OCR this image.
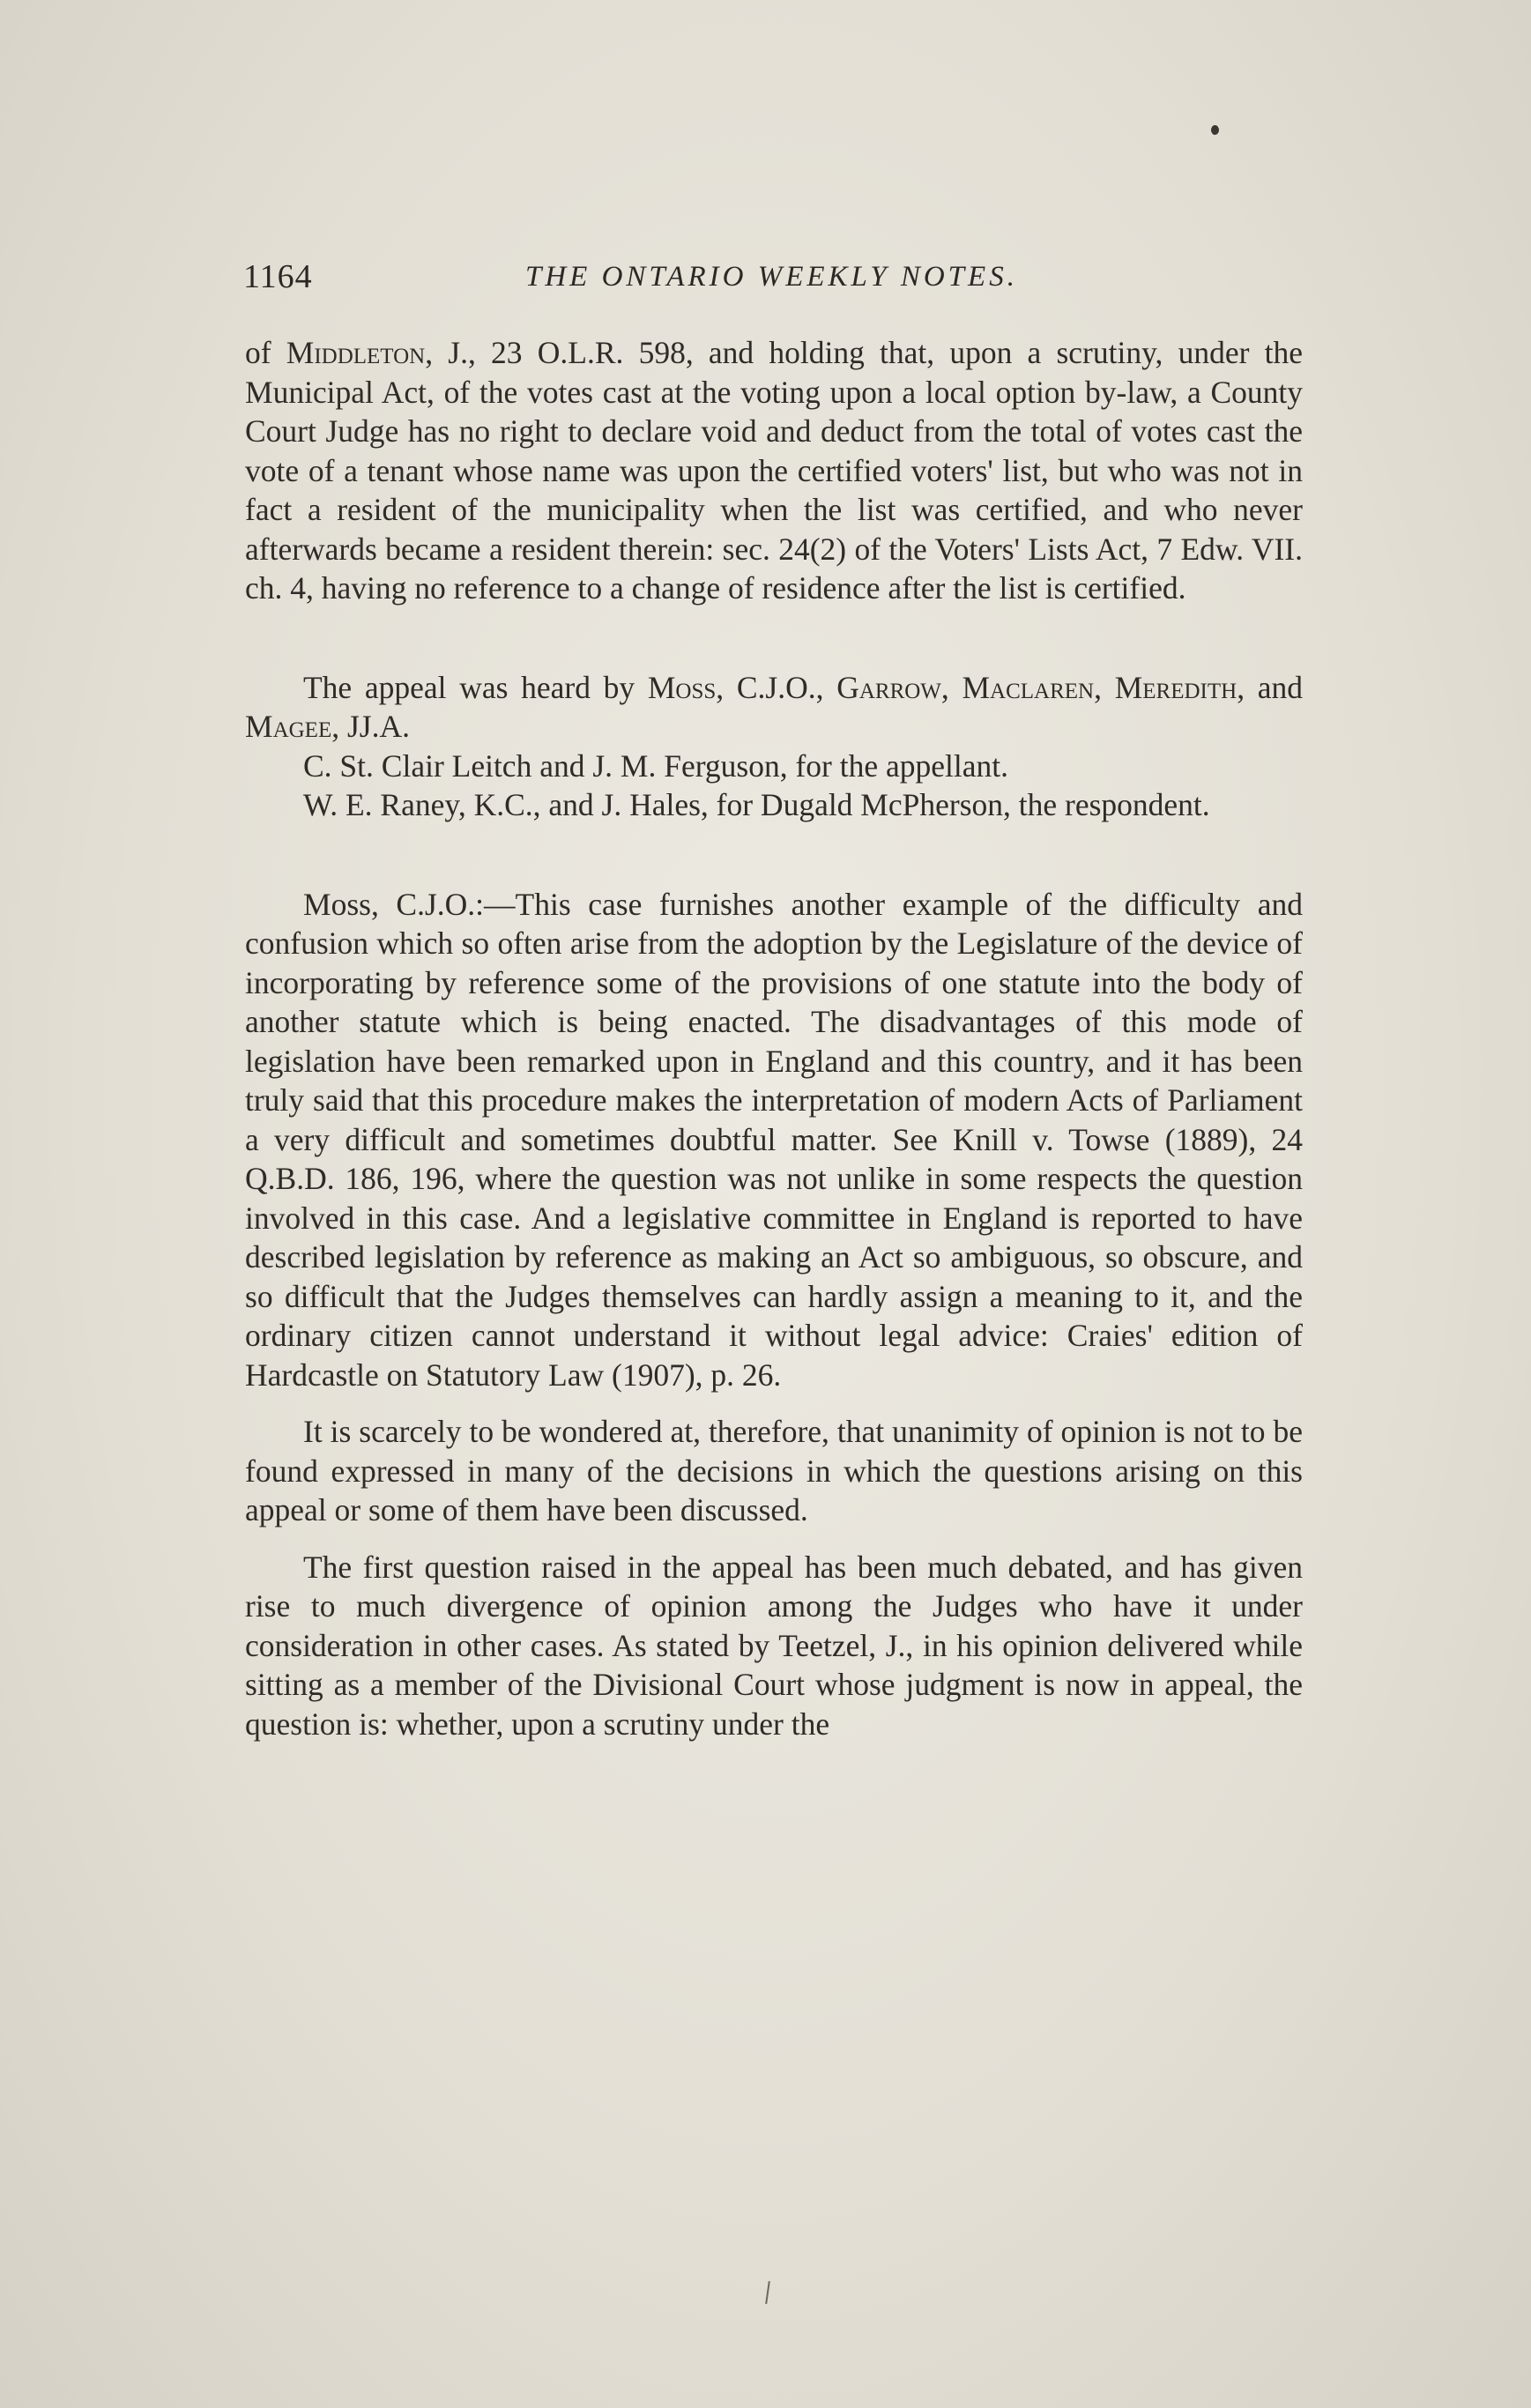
1164	THE ONTARIO WEEKLY NOTES.

of Middleton, J., 23 O.L.R. 598, and holding that, upon a scrutiny, under the Municipal Act, of the votes cast at the voting upon a local option by-law, a County Court Judge has no right to declare void and deduct from the total of votes cast the vote of a tenant whose name was upon the certified voters' list, but who was not in fact a resident of the municipality when the list was certified, and who never afterwards became a resident therein: sec. 24(2) of the Voters' Lists Act, 7 Edw. VII. ch. 4, having no reference to a change of residence after the list is certified.

The appeal was heard by Moss, C.J.O., Garrow, Maclaren, Meredith, and Magee, JJ.A.

C. St. Clair Leitch and J. M. Ferguson, for the appellant.

W. E. Raney, K.C., and J. Hales, for Dugald McPherson, the respondent.

Moss, C.J.O.:—This case furnishes another example of the difficulty and confusion which so often arise from the adoption by the Legislature of the device of incorporating by reference some of the provisions of one statute into the body of another statute which is being enacted. The disadvantages of this mode of legislation have been remarked upon in England and this country, and it has been truly said that this procedure makes the interpretation of modern Acts of Parliament a very difficult and sometimes doubtful matter. See Knill v. Towse (1889), 24 Q.B.D. 186, 196, where the question was not unlike in some respects the question involved in this case. And a legislative committee in England is reported to have described legislation by reference as making an Act so ambiguous, so obscure, and so difficult that the Judges themselves can hardly assign a meaning to it, and the ordinary citizen cannot understand it without legal advice: Craies' edition of Hardcastle on Statutory Law (1907), p. 26.

It is scarcely to be wondered at, therefore, that unanimity of opinion is not to be found expressed in many of the decisions in which the questions arising on this appeal or some of them have been discussed.

The first question raised in the appeal has been much debated, and has given rise to much divergence of opinion among the Judges who have it under consideration in other cases. As stated by Teetzel, J., in his opinion delivered while sitting as a member of the Divisional Court whose judgment is now in appeal, the question is: whether, upon a scrutiny under the
